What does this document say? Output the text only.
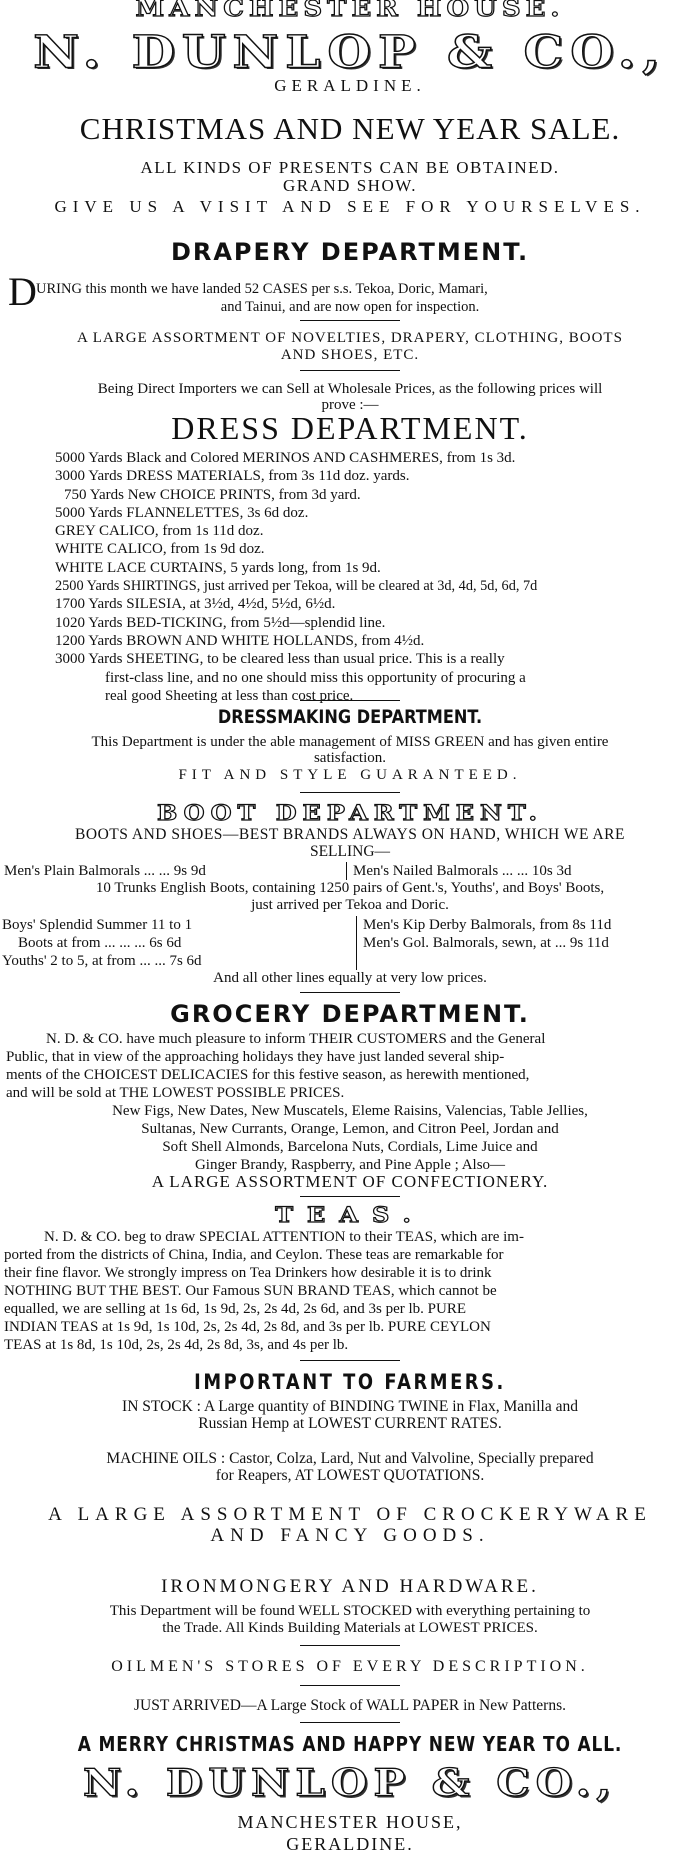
MANCHESTER HOUSE.
N. DUNLOP & CO.,
GERALDINE.
CHRISTMAS AND NEW YEAR SALE.
ALL KINDS OF PRESENTS CAN BE OBTAINED.
GRAND SHOW.
GIVE US A VISIT AND SEE FOR YOURSELVES.
DRAPERY DEPARTMENT.
D URING this month we have landed 52 CASES per s.s. Tekoa, Doric, Mamari,
and Tainui, and are now open for inspection.
A LARGE ASSORTMENT OF NOVELTIES, DRAPERY, CLOTHING, BOOTS
AND SHOES, ETC.
Being Direct Importers we can Sell at Wholesale Prices, as the following prices will
prove :—
DRESS DEPARTMENT.
5000 Yards Black and Colored MERINOS AND CASHMERES, from 1s 3d.
3000 Yards DRESS MATERIALS, from 3s 11d doz. yards.
750 Yards New CHOICE PRINTS, from 3d yard.
5000 Yards FLANNELETTES, 3s 6d doz.
GREY CALICO, from 1s 11d doz.
WHITE CALICO, from 1s 9d doz.
WHITE LACE CURTAINS, 5 yards long, from 1s 9d.
2500 Yards SHIRTINGS, just arrived per Tekoa, will be cleared at 3d, 4d, 5d, 6d, 7d
1700 Yards SILESIA, at 3½d, 4½d, 5½d, 6½d.
1020 Yards BED-TICKING, from 5½d—splendid line.
1200 Yards BROWN AND WHITE HOLLANDS, from 4½d.
3000 Yards SHEETING, to be cleared less than usual price. This is a really
first-class line, and no one should miss this opportunity of procuring a
real good Sheeting at less than cost price.
DRESSMAKING DEPARTMENT.
This Department is under the able management of MISS GREEN and has given entire
satisfaction.
FIT AND STYLE GUARANTEED.
BOOT DEPARTMENT.
BOOTS AND SHOES—BEST BRANDS ALWAYS ON HAND, WHICH WE ARE
SELLING—
Men's Plain Balmorals ... ... 9s 9d	Men's Nailed Balmorals ... ... 10s 3d
10 Trunks English Boots, containing 1250 pairs of Gent.'s, Youths', and Boys' Boots,
just arrived per Tekoa and Doric.
Boys' Splendid Summer 11 to 1	Men's Kip Derby Balmorals, from 8s 11d
Boots at from ... ... ... 6s 6d	Men's Gol. Balmorals, sewn, at ... 9s 11d
Youths' 2 to 5, at from ... ... 7s 6d

And all other lines equally at very low prices.
GROCERY DEPARTMENT.
N. D. & CO. have much pleasure to inform THEIR CUSTOMERS and the General
Public, that in view of the approaching holidays they have just landed several ship-
ments of the CHOICEST DELICACIES for this festive season, as herewith mentioned,
and will be sold at THE LOWEST POSSIBLE PRICES.
New Figs, New Dates, New Muscatels, Eleme Raisins, Valencias, Table Jellies,
Sultanas, New Currants, Orange, Lemon, and Citron Peel, Jordan and
Soft Shell Almonds, Barcelona Nuts, Cordials, Lime Juice and
Ginger Brandy, Raspberry, and Pine Apple ; Also—
A LARGE ASSORTMENT OF CONFECTIONERY.
TEAS.
N. D. & CO. beg to draw SPECIAL ATTENTION to their TEAS, which are im-
ported from the districts of China, India, and Ceylon. These teas are remarkable for
their fine flavor. We strongly impress on Tea Drinkers how desirable it is to drink
NOTHING BUT THE BEST. Our Famous SUN BRAND TEAS, which cannot be
equalled, we are selling at 1s 6d, 1s 9d, 2s, 2s 4d, 2s 6d, and 3s per lb. PURE
INDIAN TEAS at 1s 9d, 1s 10d, 2s, 2s 4d, 2s 8d, and 3s per lb. PURE CEYLON
TEAS at 1s 8d, 1s 10d, 2s, 2s 4d, 2s 8d, 3s, and 4s per lb.
IMPORTANT TO FARMERS.
IN STOCK : A Large quantity of BINDING TWINE in Flax, Manilla and
Russian Hemp at LOWEST CURRENT RATES.
MACHINE OILS : Castor, Colza, Lard, Nut and Valvoline, Specially prepared
for Reapers, AT LOWEST QUOTATIONS.
A LARGE ASSORTMENT OF CROCKERYWARE
AND FANCY GOODS.
IRONMONGERY AND HARDWARE.
This Department will be found WELL STOCKED with everything pertaining to
the Trade. All Kinds Building Materials at LOWEST PRICES.
OILMEN'S STORES OF EVERY DESCRIPTION.
JUST ARRIVED—A Large Stock of WALL PAPER in New Patterns.
A MERRY CHRISTMAS AND HAPPY NEW YEAR TO ALL.
N. DUNLOP & CO.,
MANCHESTER HOUSE,
GERALDINE.
